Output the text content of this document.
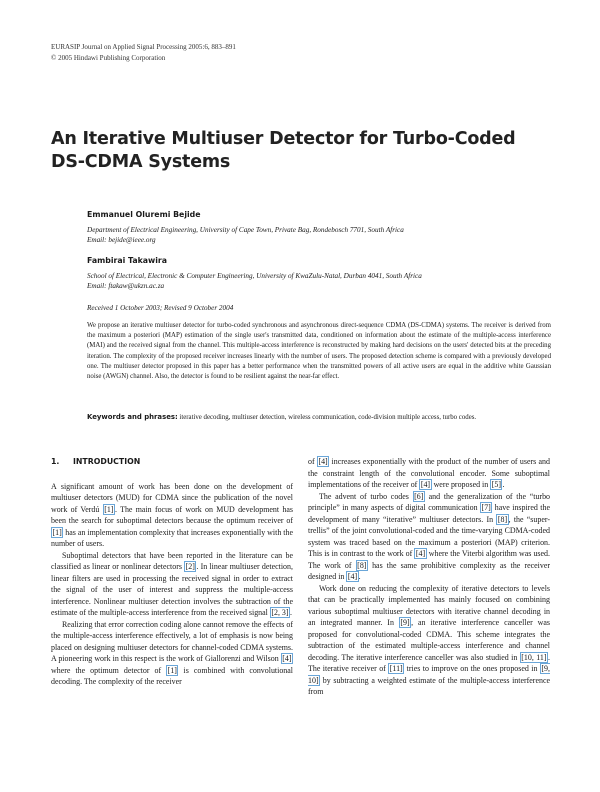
EURASIP Journal on Applied Signal Processing 2005:6, 883–891
© 2005 Hindawi Publishing Corporation
An Iterative Multiuser Detector for Turbo-Coded
DS-CDMA Systems
Emmanuel Oluremi Bejide
Department of Electrical Engineering, University of Cape Town, Private Bag, Rondebosch 7701, South Africa
Email: bejide@ieee.org
Fambirai Takawira
School of Electrical, Electronic & Computer Engineering, University of KwaZulu-Natal, Durban 4041, South Africa
Email: ftakaw@ukzn.ac.za
Received 1 October 2003; Revised 9 October 2004
We propose an iterative multiuser detector for turbo-coded synchronous and asynchronous direct-sequence CDMA (DS-CDMA) systems. The receiver is derived from the maximum a posteriori (MAP) estimation of the single user's transmitted data, conditioned on information about the estimate of the multiple-access interference (MAI) and the received signal from the channel. This multiple-access interference is reconstructed by making hard decisions on the users' detected bits at the preceding iteration. The complexity of the proposed receiver increases linearly with the number of users. The proposed detection scheme is compared with a previously developed one. The multiuser detector proposed in this paper has a better performance when the transmitted powers of all active users are equal in the additive white Gaussian noise (AWGN) channel. Also, the detector is found to be resilient against the near-far effect.
Keywords and phrases: iterative decoding, multiuser detection, wireless communication, code-division multiple access, turbo codes.
1. INTRODUCTION

A significant amount of work has been done on the development of multiuser detectors (MUD) for CDMA since the publication of the novel work of Verdú [1] . The main focus of work on MUD development has been the search for suboptimal detectors because the optimum receiver of [1] has an implementation complexity that increases exponentially with the number of users.

Suboptimal detectors that have been reported in the literature can be classified as linear or nonlinear detectors [2] . In linear multiuser detection, linear filters are used in processing the received signal in order to extract the signal of the user of interest and suppress the multiple-access interference. Nonlinear multiuser detection involves the subtraction of the estimate of the multiple-access interference from the received signal [2, 3] .

Realizing that error correction coding alone cannot remove the effects of the multiple-access interference effectively, a lot of emphasis is now being placed on designing multiuser detectors for channel-coded CDMA systems. A pioneering work in this respect is the work of Giallorenzi and Wilson [4] where the optimum detector of [1] is combined with convolutional decoding. The complexity of the receiver

of [4] increases exponentially with the product of the number of users and the constraint length of the convolutional encoder. Some suboptimal implementations of the receiver of [4] were proposed in [5] .

The advent of turbo codes [6] and the generalization of the “turbo principle” in many aspects of digital communication [7] have inspired the development of many “iterative” multiuser detectors. In [8] , the “super-trellis” of the joint convolutional-coded and the time-varying CDMA-coded system was traced based on the maximum a posteriori (MAP) criterion. This is in contrast to the work of [4] where the Viterbi algorithm was used. The work of [8] has the same prohibitive complexity as the receiver designed in [4] .

Work done on reducing the complexity of iterative detectors to levels that can be practically implemented has mainly focused on combining various suboptimal multiuser detectors with iterative channel decoding in an integrated manner. In [9] , an iterative interference canceller was proposed for convolutional-coded CDMA. This scheme integrates the subtraction of the estimated multiple-access interference and channel decoding. The iterative interference canceller was also studied in [10, 11] . The iterative receiver of [11] tries to improve on the ones proposed in [9, 10] by subtracting a weighted estimate of the multiple-access interference from
